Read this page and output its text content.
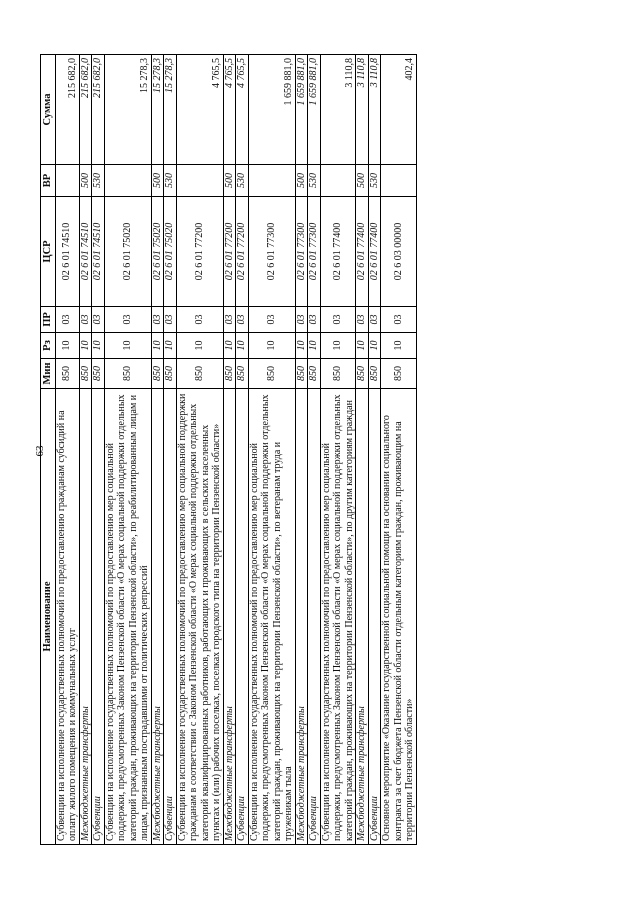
63
Наименование	Мин	Рз	ПР	ЦСР	ВР	Сумма
Субвенции на исполнение государственных полномочий по предоставлению гражданам субсидий на оплату жилого помещения и коммунальных услуг	850	10	03	02 6 01 74510		215 682,0
Межбюджетные трансферты	850	10	03	02 6 01 74510	500	215 682,0
Субвенции	850	10	03	02 6 01 74510	530	215 682,0
Субвенции на исполнение государственных полномочий по предоставлению мер социальной поддержки, предусмотренных Законом Пензенской области «О мерах социальной поддержки отдельных категорий граждан, проживающих на территории Пензенской области», по реабилитированным лицам и лицам, признанным пострадавшими от политических репрессий	850	10	03	02 6 01 75020		15 278,3
Межбюджетные трансферты	850	10	03	02 6 01 75020	500	15 278,3
Субвенции	850	10	03	02 6 01 75020	530	15 278,3
Субвенции на исполнение государственных полномочий по предоставлению мер социальной поддержки гражданам в соответствии с Законом Пензенской области «О мерах социальной поддержки отдельных категорий квалифицированных работников, работающих и проживающих в сельских населенных пунктах и (или) рабочих поселках, поселках городского типа на территории Пензенской области»	850	10	03	02 6 01 77200		4 765,5
Межбюджетные трансферты	850	10	03	02 6 01 77200	500	4 765,5
Субвенции	850	10	03	02 6 01 77200	530	4 765,5
Субвенции на исполнение государственных полномочий по предоставлению мер социальной поддержки, предусмотренных Законом Пензенской области «О мерах социальной поддержки отдельных категорий граждан, проживающих на территории Пензенской области», по ветеранам труда и труженикам тыла	850	10	03	02 6 01 77300		1 659 881,0
Межбюджетные трансферты	850	10	03	02 6 01 77300	500	1 659 881,0
Субвенции	850	10	03	02 6 01 77300	530	1 659 881,0
Субвенции на исполнение государственных полномочий по предоставлению мер социальной поддержки, предусмотренных Законом Пензенской области «О мерах социальной поддержки отдельных категорий граждан, проживающих на территории Пензенской области», по другим категориям граждан	850	10	03	02 6 01 77400		3 110,8
Межбюджетные трансферты	850	10	03	02 6 01 77400	500	3 110,8
Субвенции	850	10	03	02 6 01 77400	530	3 110,8
Основное мероприятие «Оказание государственной социальной помощи на основании социального контракта за счет бюджета Пензенской области отдельным категориям граждан, проживающим на территории Пензенской области»	850	10	03	02 6 03 00000		402,4
